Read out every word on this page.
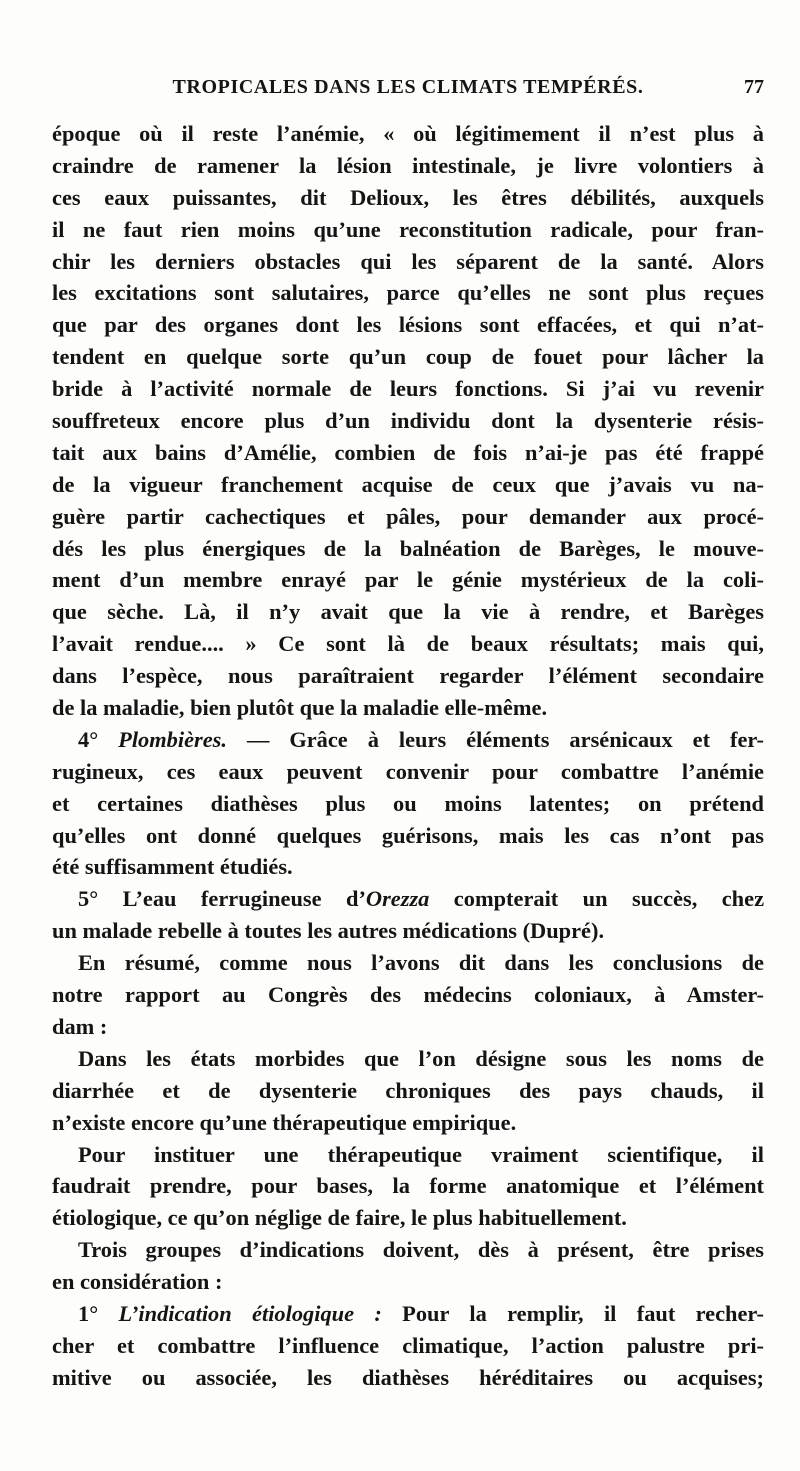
TROPICALES DANS LES CLIMATS TEMPÉRÉS.	77
époque où il reste l’anémie, « où légitimement il n’est plus à
craindre de ramener la lésion intestinale, je livre volontiers à
ces eaux puissantes, dit Delioux, les êtres débilités, auxquels
il ne faut rien moins qu’une reconstitution radicale, pour fran-
chir les derniers obstacles qui les séparent de la santé. Alors
les excitations sont salutaires, parce qu’elles ne sont plus reçues
que par des organes dont les lésions sont effacées, et qui n’at-
tendent en quelque sorte qu’un coup de fouet pour lâcher la
bride à l’activité normale de leurs fonctions. Si j’ai vu revenir
souffreteux encore plus d’un individu dont la dysenterie résis-
tait aux bains d’Amélie, combien de fois n’ai-je pas été frappé
de la vigueur franchement acquise de ceux que j’avais vu na-
guère partir cachectiques et pâles, pour demander aux procé-
dés les plus énergiques de la balnéation de Barèges, le mouve-
ment d’un membre enrayé par le génie mystérieux de la coli-
que sèche. Là, il n’y avait que la vie à rendre, et Barèges
l’avait rendue.... » Ce sont là de beaux résultats; mais qui,
dans l’espèce, nous paraîtraient regarder l’élément secondaire
de la maladie, bien plutôt que la maladie elle-même.
4° Plombières. — Grâce à leurs éléments arsénicaux et fer-
rugineux, ces eaux peuvent convenir pour combattre l’anémie
et certaines diathèses plus ou moins latentes; on prétend
qu’elles ont donné quelques guérisons, mais les cas n’ont pas
été suffisamment étudiés.
5° L’eau ferrugineuse d’Orezza compterait un succès, chez
un malade rebelle à toutes les autres médications (Dupré).
En résumé, comme nous l’avons dit dans les conclusions de
notre rapport au Congrès des médecins coloniaux, à Amster-
dam :
Dans les états morbides que l’on désigne sous les noms de
diarrhée et de dysenterie chroniques des pays chauds, il
n’existe encore qu’une thérapeutique empirique.
Pour instituer une thérapeutique vraiment scientifique, il
faudrait prendre, pour bases, la forme anatomique et l’élément
étiologique, ce qu’on néglige de faire, le plus habituellement.
Trois groupes d’indications doivent, dès à présent, être prises
en considération :
1° L’indication étiologique : Pour la remplir, il faut recher-
cher et combattre l’influence climatique, l’action palustre pri-
mitive ou associée, les diathèses héréditaires ou acquises;
